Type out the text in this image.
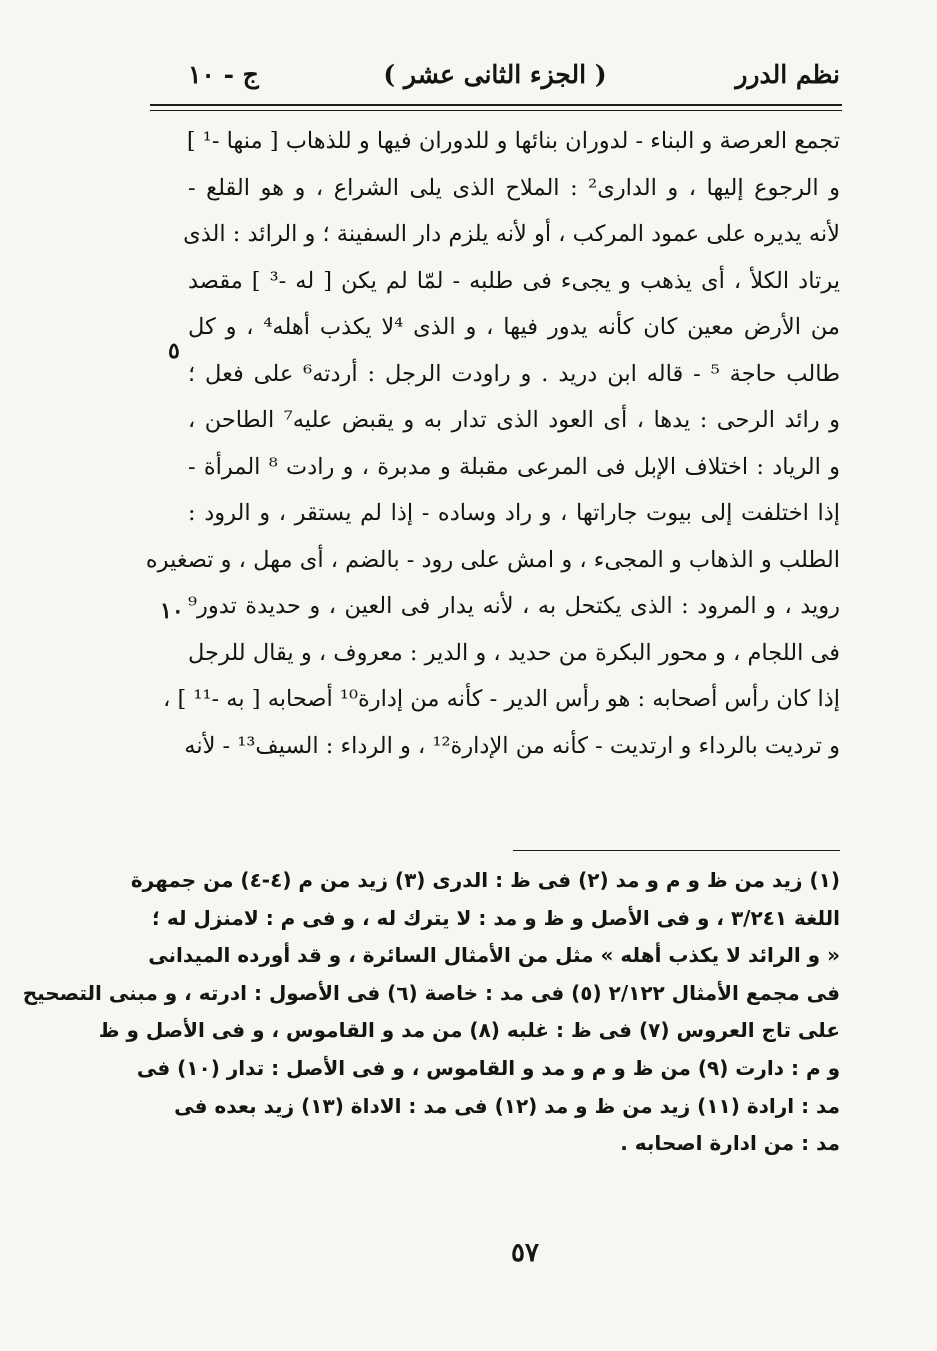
نظم الدرر
( الجزء الثانى عشر )
ج - ١٠
تجمع العرصة و البناء - لدوران بنائها و للدوران فيها و للذهاب [ منها -¹ ]
و الرجوع إليها ، و الدارى² : الملاح الذى يلى الشراع ، و هو القلع -
لأنه يديره على عمود المركب ، أو لأنه يلزم دار السفينة ؛ و الرائد : الذى
يرتاد الكلأ ، أى يذهب و يجىء فى طلبه - لمّا لم يكن [ له -³ ] مقصد
من الأرض معين كان كأنه يدور فيها ، و الذى ⁴لا يكذب أهله⁴ ، و كل
طالب حاجة ⁵ - قاله ابن دريد . و راودت الرجل : أردته⁶ على فعل ؛
و رائد الرحى : يدها ، أى العود الذى تدار به و يقبض عليه⁷ الطاحن ،
و الرياد : اختلاف الإبل فى المرعى مقبلة و مدبرة ، و رادت ⁸ المرأة -
إذا اختلفت إلى بيوت جاراتها ، و راد وساده - إذا لم يستقر ، و الرود :
الطلب و الذهاب و المجىء ، و امش على رود - بالضم ، أى مهل ، و تصغيره
رويد ، و المرود : الذى يكتحل به ، لأنه يدار فى العين ، و حديدة تدور⁹
فى اللجام ، و محور البكرة من حديد ، و الدير : معروف ، و يقال للرجل
إذا كان رأس أصحابه : هو رأس الدير - كأنه من إدارة¹⁰ أصحابه [ به -¹¹ ] ،
و ترديت بالرداء و ارتديت - كأنه من الإدارة¹² ، و الرداء : السيف¹³ - لأنه
٥
١٠
(١) زيد من ظ و م و مد (٢) فى ظ : الدرى (٣) زيد من م (٤-٤) من جمهرة
اللغة ٣/٢٤١ ، و فى الأصل و ظ و مد : لا يترك له ، و فى م : لامنزل له ؛
« و الرائد لا يكذب أهله » مثل من الأمثال السائرة ، و قد أورده الميدانى
فى مجمع الأمثال ٢/١٢٢ (٥) فى مد : خاصة (٦) فى الأصول : ادرته ، و مبنى التصحيح
على تاج العروس (٧) فى ظ : غلبه (٨) من مد و القاموس ، و فى الأصل و ظ
و م : دارت (٩) من ظ و م و مد و القاموس ، و فى الأصل : تدار (١٠) فى
مد : ارادة (١١) زيد من ظ و مد (١٢) فى مد : الاداة (١٣) زيد بعده فى
مد : من ادارة اصحابه .
٥٧
